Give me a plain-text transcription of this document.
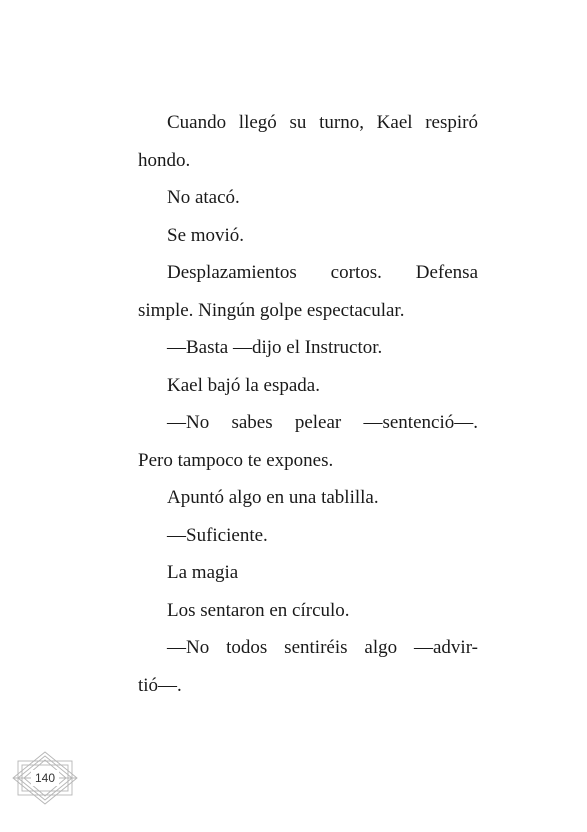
Cuando llegó su turno, Kael respiró
hondo.
No atacó.
Se movió.
Desplazamientos cortos. Defensa
simple. Ningún golpe espectacular.
—Basta —dijo el Instructor.
Kael bajó la espada.
—No sabes pelear —sentenció—.
Pero tampoco te expones.
Apuntó algo en una tablilla.
—Suficiente.
La magia
Los sentaron en círculo.
—No todos sentiréis algo —advir-
tió—.
140
